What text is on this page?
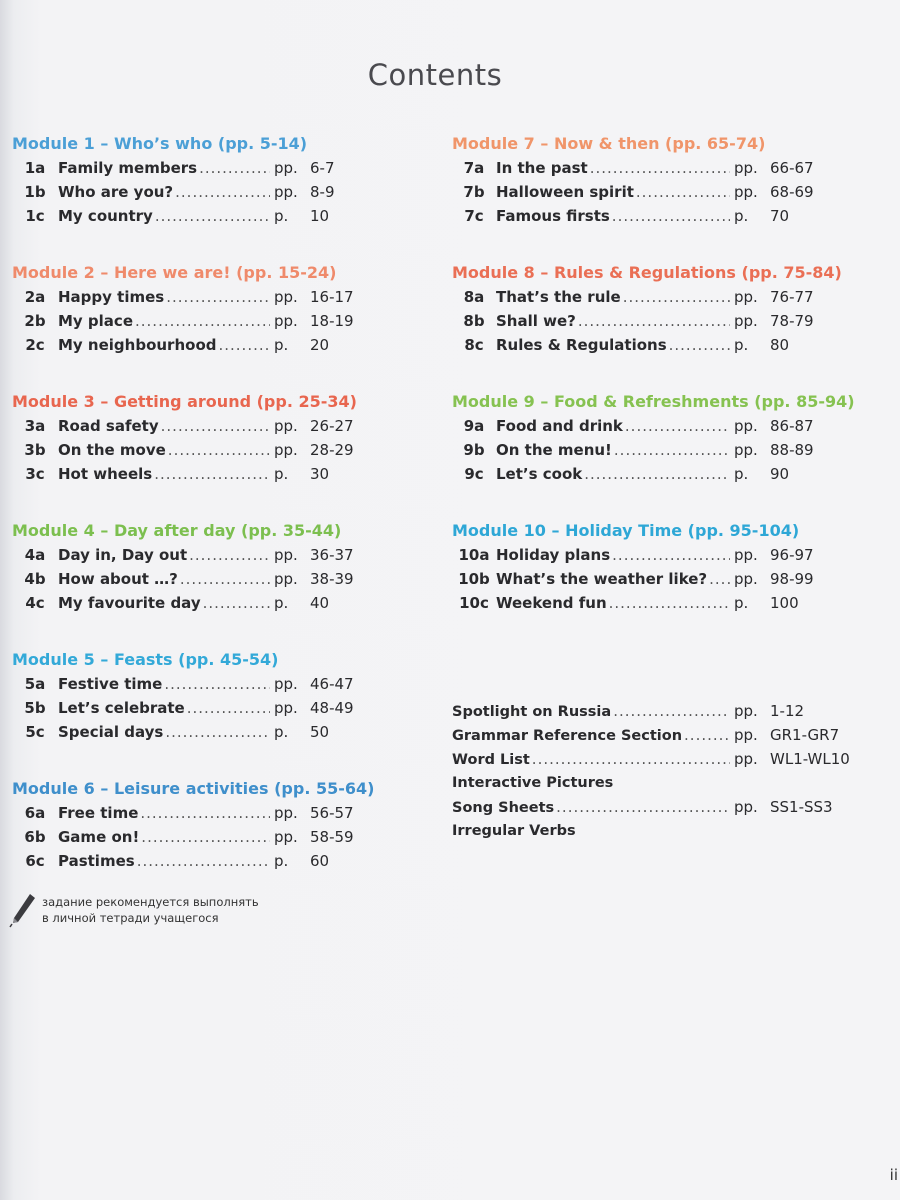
Contents
Module 1 – Who’s who (pp. 5-14)
1a Family members .....	pp. 6-7
1b Who are you? .....	pp. 8-9
1c My country .....	p.	10
Module 2 – Here we are! (pp. 15-24)
2a Happy times .....	pp. 16-17
2b My place .....	pp. 18-19
2c My neighbourhood .....	p.	20
Module 3 – Getting around (pp. 25-34)
3a Road safety .....	pp. 26-27
3b On the move .....	pp. 28-29
3c Hot wheels .....	p.	30
Module 4 – Day after day (pp. 35-44)
4a Day in, Day out .....	pp. 36-37
4b How about …? .....	pp. 38-39
4c My favourite day .....	p.	40
Module 5 – Feasts (pp. 45-54)
5a Festive time .....	pp. 46-47
5b Let’s celebrate .....	pp. 48-49
5c Special days .....	p.	50
Module 6 – Leisure activities (pp. 55-64)
6a Free time .....	pp. 56-57
6b Game on! .....	pp. 58-59
6c Pastimes .....	p.	60
Module 7 – Now & then (pp. 65-74)
7a In the past .....	pp. 66-67
7b Halloween spirit .....	pp. 68-69
7c Famous firsts .....	p.	70
Module 8 – Rules & Regulations (pp. 75-84)
8a That’s the rule .....	pp. 76-77
8b Shall we? .....	pp. 78-79
8c Rules & Regulations .....	p.	80
Module 9 – Food & Refreshments (pp. 85-94)
9a Food and drink .....	pp. 86-87
9b On the menu! .....	pp. 88-89
9c Let’s cook .....	p.	90
Module 10 – Holiday Time (pp. 95-104)
10a Holiday plans .....	pp. 96-97
10b What’s the weather like? ..... pp. 98-99
10c Weekend fun .....	p.	100
Spotlight on Russia .....	pp. 1-12
Grammar Reference Section .....	pp. GR1-GR7
Word List .....	pp. WL1-WL10
Interactive Pictures
Song Sheets .....	pp. SS1-SS3
Irregular Verbs
задание рекомендуется выполнять
в личной тетради учащегося
ii
